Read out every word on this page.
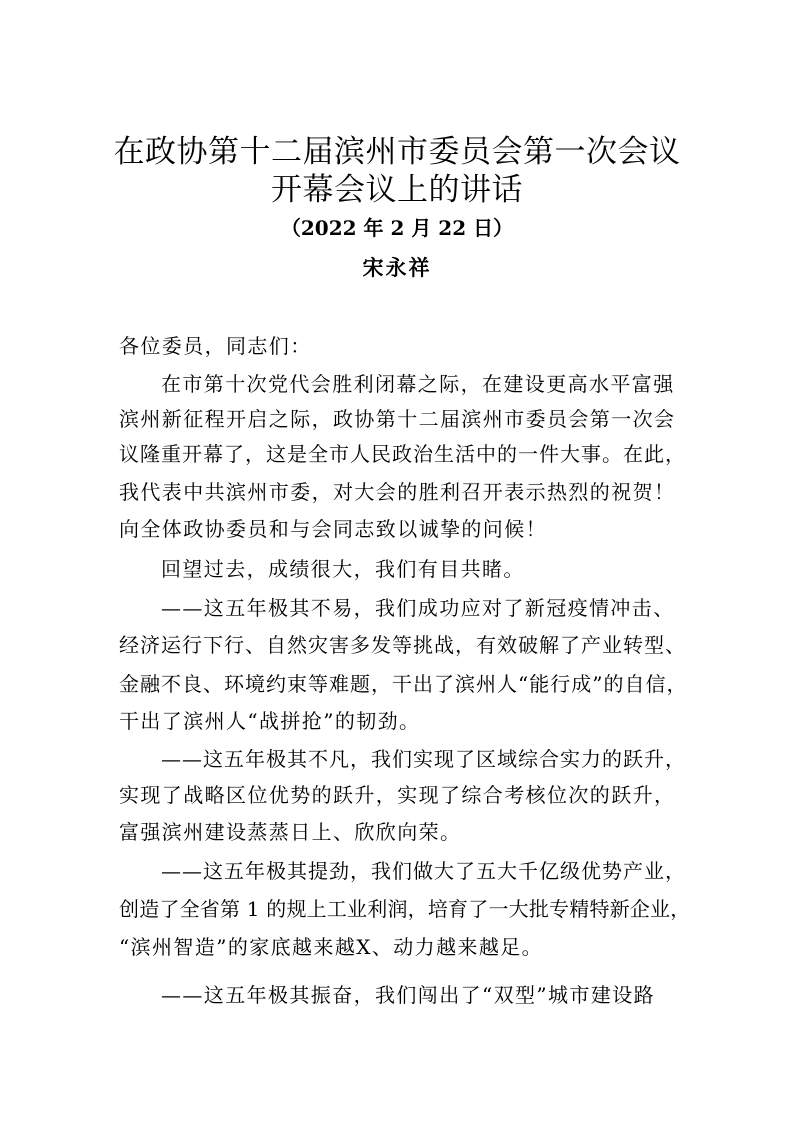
在政协第十二届滨州市委员会第一次会议
开幕会议上的讲话
（2022 年 2 月 22 日）
宋永祥
各位委员，同志们：
在市第十次党代会胜利闭幕之际，在建设更高水平富强
滨州新征程开启之际，政协第十二届滨州市委员会第一次会
议隆重开幕了，这是全市人民政治生活中的一件大事。在此，
我代表中共滨州市委，对大会的胜利召开表示热烈的祝贺！
向全体政协委员和与会同志致以诚挚的问候！
回望过去，成绩很大，我们有目共睹。
——这五年极其不易，我们成功应对了新冠疫情冲击、
经济运行下行、自然灾害多发等挑战，有效破解了产业转型、
金融不良、环境约束等难题，干出了滨州人“能行成”的自信，
干出了滨州人“战拼抢”的韧劲。
——这五年极其不凡，我们实现了区域综合实力的跃升，
实现了战略区位优势的跃升，实现了综合考核位次的跃升，
富强滨州建设蒸蒸日上、欣欣向荣。
——这五年极其提劲，我们做大了五大千亿级优势产业，
创造了全省第 1 的规上工业利润，培育了一大批专精特新企业，
“滨州智造”的家底越来越X、动力越来越足。
——这五年极其振奋，我们闯出了“双型”城市建设路
